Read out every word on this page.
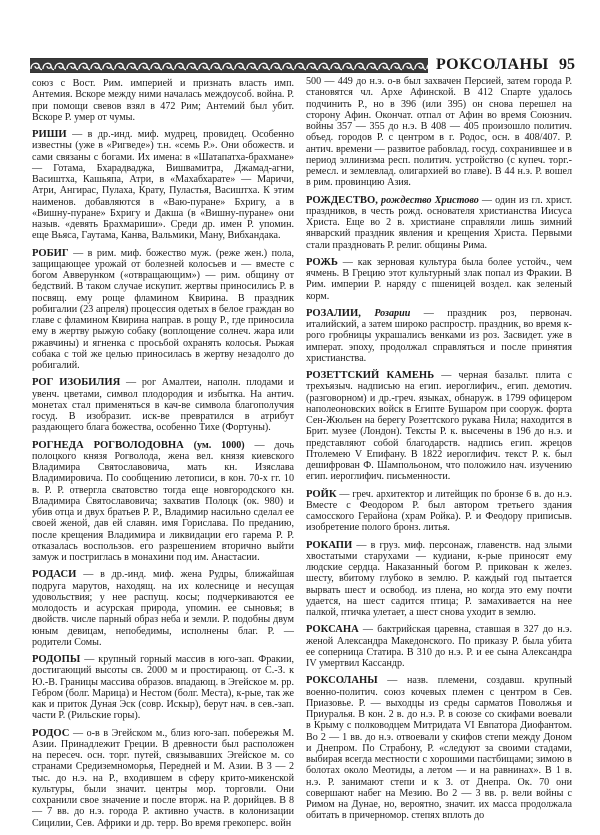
РОКСОЛАНЫ 95

союз с Вост. Рим. империей и признать власть имп. Антемия. Вскоре между ними началась междоусоб. война. Р. при помощи свевов взял в 472 Рим; Антемий был убит. Вскоре Р. умер от чумы.

РИШИ — в др.-инд. миф. мудрец, провидец. Особенно известны (уже в «Ригведе») т.н. «семь Р.». Они обожеств. и сами связаны с богами. Их имена: в «Шатапатха-брахмане» — Готама, Бхарадваджа, Вишвамитра, Джамад-агни, Васиштха, Кашьяпа, Атри, в «Махабхарате» — Маричи, Атри, Ангирас, Пулаха, Крату, Пуластья, Васиштха. К этим наименов. добавляются в «Ваю-пуране» Бхригу, а в «Вишну-пуране» Бхригу и Дакша (в «Вишну-пуране» они назыв. «девять Брахмариши». Среди др. имен Р. упомин. еще Вьяса, Гаутама, Канва, Вальмики, Ману, Вибхандака.

РОБИГ — в рим. миф. божество муж. (реже жен.) пола, защищающее урожай от болезней колосьев и — вместе с богом Авверунком («отвращающим») — рим. общину от бедствий. В таком случае искупит. жертвы приносились Р. в посвящ. ему роще фламином Квирина. В праздник робигалии (23 апреля) процессия одетых в белое граждан во главе с фламином Квирина направ. в рощу Р., где приносила ему в жертву рыжую собаку (воплощение солнеч. жара или ржавчины) и ягненка с просьбой охранять колосья. Рыжая собака с той же целью приносилась в жертву незадолго до робигалий.

РОГ ИЗОБИЛИЯ — рог Амалтеи, наполн. плодами и увенч. цветами, символ плодородия и избытка. На антич. монетах стал применяться в кач-ве символа благополучия госуд. В изобразит. иск-ве превратился в атрибут раздающего блага божества, особенно Тихе (Фортуны).

РОГНЕДА РОГВОЛОДОВНА (ум. 1000) — дочь полоцкого князя Рогволода, жена вел. князя киевского Владимира Святославовича, мать кн. Изяслава Владимировича. По сообщению летописи, в кон. 70-х гг. 10 в. Р. Р. отвергла сватовство тогда еще новгородского кн. Владимира Святославовича; захватив Полоцк (ок. 980) и убив отца и двух братьев Р. Р., Владимир насильно сделал ее своей женой, дав ей славян. имя Горислава. По преданию, после крещения Владимира и ликвидации его гарема Р. Р. отказалась воспользов. его разрешением вторично выйти замуж и постриглась в монахини под им. Анастасии.

РОДАСИ — в др.-инд. миф. жена Рудры, ближайшая подруга марутов, находящ. на их колеснице и несущая удовольствия; у нее распущ. косы; подчеркиваются ее молодость и асурская природа, упомин. ее сыновья; в двойств. числе парный образ неба и земли. Р. подобны двум юным девицам, непобедимы, исполнены благ. Р. — родители Сомы.

РОДОПЫ — крупный горный массив в юго-зап. Фракии, достигающий высоты св. 2000 м и простирающ. от С.-З. к Ю.-В. Границы массива образов. впадающ. в Эгейское м. рр. Гебром (болг. Марица) и Нестом (болг. Места), к-рые, так же как и приток Дуная Эск (совр. Искыр), берут нач. в сев.-зап. части Р. (Рильские горы).

РОДОС — о-в в Эгейском м., близ юго-зап. побережья М. Азии. Принадлежит Греции. В древности был расположен на пересеч. осн. торг. путей, связывавших Эгейское м. со странами Средиземноморья, Передней и М. Азии. В 3 — 2 тыс. до н.э. на Р., входившем в сферу крито-микенской культуры, были значит. центры мор. торговли. Они сохранили свое значение и после вторж. на Р. дорийцев. В 8 — 7 вв. до н.э. города Р. активно участв. в колонизации Сицилии, Сев. Африки и др. терр. Во время грекоперс. войн

500 — 449 до н.э. о-в был захвачен Персией, затем города Р. становятся чл. Архе Афинской. В 412 Спарте удалось подчинить Р., но в 396 (или 395) он снова перешел на сторону Афин. Окончат. отпал от Афин во время Союзнич. войны 357 — 355 до н.э. В 408 — 405 произошло политич. объед. городов Р. с центром в г. Родос, осн. в 408/407. Р. антич. времени — развитое рабовлад. госуд. сохранившее и в период эллинизма респ. политич. устройство (с купеч. торг.-ремесл. и землевлад. олигархией во главе). В 44 н.э. Р. вошел в рим. провинцию Азия.

РОЖДЕСТВО, рождество Христово — один из гл. христ. праздников, в честь рожд. основателя христианства Иисуса Христа. Еще во 2 в. христиане справляли лишь зимний январский праздник явления и крещения Христа. Первыми стали праздновать Р. религ. общины Рима.

РОЖЬ — как зерновая культура была более устойч., чем ячмень. В Грецию этот культурный злак попал из Фракии. В Рим. империи Р. наряду с пшеницей воздел. как зеленый корм.

РОЗАЛИИ, Розарии — праздник роз, первонач. италийский, а затем широко распростр. праздник, во время к-рого гробницы украшались венками из роз. Засвидет. уже в импepат. эпоху, продолжал справляться и после принятия христианства.

РОЗЕТТСКИЙ КАМЕНЬ — черная базальт. плита с трехъязыч. надписью на егип. иероглифич., егип. демотич. (разговорном) и др.-греч. языках, обнаруж. в 1799 офицером наполеоновских войск в Египте Бушаром при сооруж. форта Сен-Жюльен на берегу Розеттского рукава Нила; находится в Брит. музее (Лондон). Тексты Р. к. высечены в 196 до н.э. и представляют собой благодарств. надпись егип. жрецов Птолемею V Епифану. В 1822 иероглифич. текст Р. к. был дешифрован Ф. Шампольоном, что положило нач. изучению егип. иероглифич. письменности.

РОЙК — греч. архитектор и литейщик по бронзе 6 в. до н.э. Вместе с Феодором Р. был автором третьего здания самосского Герайона (храм Ройка). Р. и Феодору приписыв. изобретение полого бронз. литья.

РОКАПИ — в груз. миф. персонаж, главенств. над злыми хвостатыми старухами — кудиани, к-рые приносят ему людские сердца. Наказанный богом Р. прикован к желез. шесту, вбитому глубоко в землю. Р. каждый год пытается вырвать шест и освобод. из плена, но когда это ему почти удается, на шест садится птица; Р. замахивается на нее палкой, птичка улетает, а шест снова уходит в землю.

РОКСАНА — бактрийская царевна, ставшая в 327 до н.э. женой Александра Македонского. По приказу Р. была убита ее соперница Статира. В 310 до н.э. Р. и ее сына Александра IV умертвил Кассандр.

РОКСОЛАНЫ — назв. племени, создавш. крупный военно-политич. союз кочевых племен с центром в Сев. Приазовье. Р. — выходцы из среды сарматов Поволжья и Приуралья. В кон. 2 в. до н.э. Р. в союзе со скифами воевали в Крыму с полководцем Митридата VI Евпатора Диофантом. Во 2 — 1 вв. до н.э. отвоевали у скифов степи между Доном и Днепром. По Страбону, Р. «следуют за своими стадами, выбирая всегда местности с хорошими пастбищами; зимою в болотах около Меотиды, а летом — и на равнинах». В 1 в. н.э. Р. занимают степи и к З. от Днепра. Ок. 70 они совершают набег на Мезию. Во 2 — 3 вв. р. вели войны с Римом на Дунае, но, вероятно, значит. их масса продолжала обитать в причерномор. степях вплоть до
